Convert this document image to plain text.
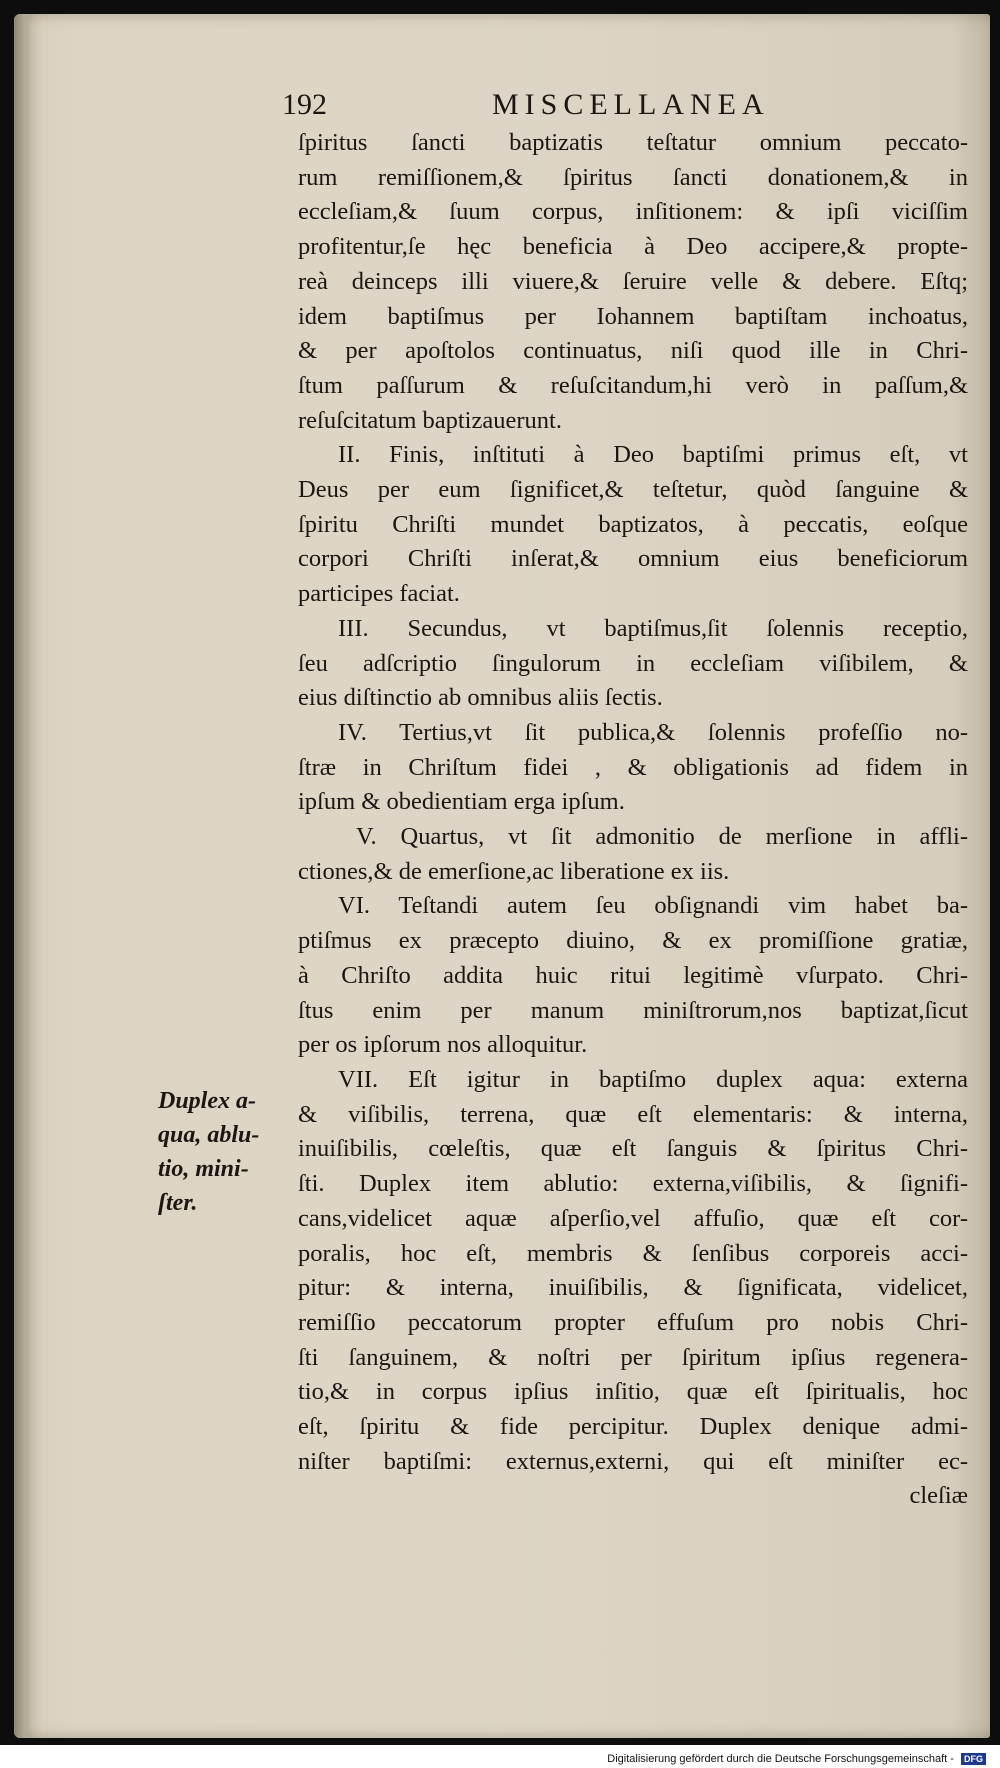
192	MISCELLANEA
ſpiritus ſancti baptizatis teſtatur omnium peccato-
rum remiſſionem,& ſpiritus ſancti donationem,& in
eccleſiam,& ſuum corpus, inſitionem: & ipſi viciſſim
profitentur,ſe hęc beneficia à Deo accipere,& propte-
reà deinceps illi viuere,& ſeruire velle & debere. Eſtq;
idem baptiſmus per Iohannem baptiſtam inchoatus,
& per apoſtolos continuatus, niſi quod ille in Chri-
ſtum paſſurum & reſuſcitandum,hi verò in paſſum,&
reſuſcitatum baptizauerunt.
II. Finis, inſtituti à Deo baptiſmi primus eſt, vt
Deus per eum ſignificet,& teſtetur, quòd ſanguine &
ſpiritu Chriſti mundet baptizatos, à peccatis, eoſque
corpori Chriſti inſerat,& omnium eius beneficiorum
participes faciat.
III. Secundus, vt baptiſmus,ſit ſolennis receptio,
ſeu adſcriptio ſingulorum in eccleſiam viſibilem, &
eius diſtinctio ab omnibus aliis ſectis.
IV. Tertius,vt ſit publica,& ſolennis profeſſio no-
ſtræ in Chriſtum fidei , & obligationis ad fidem in
ipſum & obedientiam erga ipſum.
V. Quartus, vt ſit admonitio de merſione in affli-
ctiones,& de emerſione,ac liberatione ex iis.
VI. Teſtandi autem ſeu obſignandi vim habet ba-
ptiſmus ex præcepto diuino, & ex promiſſione gratiæ,
à Chriſto addita huic ritui legitimè vſurpato. Chri-
ſtus enim per manum miniſtrorum,nos baptizat,ſicut
per os ipſorum nos alloquitur.
VII. Eſt igitur in baptiſmo duplex aqua: externa
& viſibilis, terrena, quæ eſt elementaris: & interna,
inuiſibilis, cœleſtis, quæ eſt ſanguis & ſpiritus Chri-
ſti. Duplex item ablutio: externa,viſibilis, & ſignifi-
cans,videlicet aquæ aſperſio,vel affuſio, quæ eſt cor-
poralis, hoc eſt, membris & ſenſibus corporeis acci-
pitur: & interna, inuiſibilis, & ſignificata, videlicet,
remiſſio peccatorum propter effuſum pro nobis Chri-
ſti ſanguinem, & noſtri per ſpiritum ipſius regenera-
tio,& in corpus ipſius inſitio, quæ eſt ſpiritualis, hoc
eſt, ſpiritu & fide percipitur. Duplex denique admi-
niſter baptiſmi: externus,externi, qui eſt miniſter ec-
cleſiæ
Duplex a-
qua, ablu-
tio, mini-
ſter.
Digitalisierung gefördert durch die Deutsche Forschungsgemeinschaft - DFG
